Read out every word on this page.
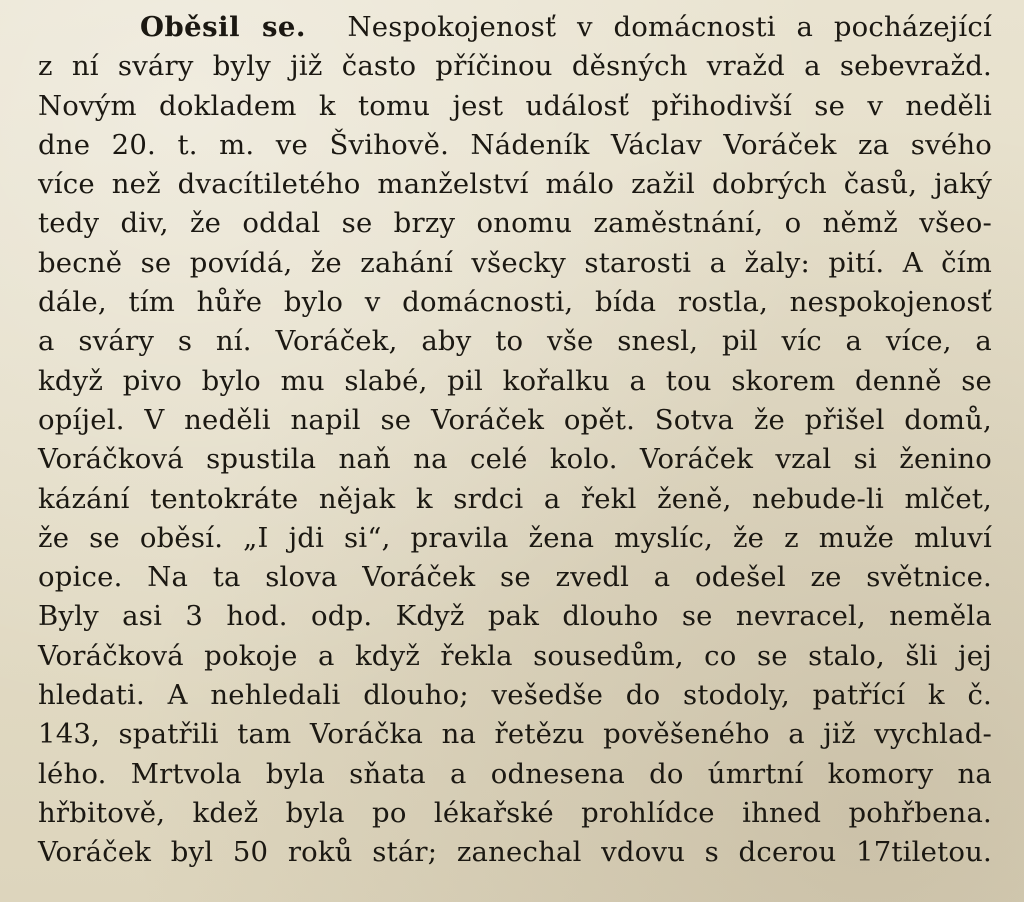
Oběsil se. Nespokojenosť v domácnosti a pocházející
z ní sváry byly již často příčinou děsných vražd a sebevražd.
Novým dokladem k tomu jest událosť přihodivší se v neděli
dne 20. t. m. ve Švihově. Nádeník Václav Voráček za svého
více než dvacítiletého manželství málo zažil dobrých časů, jaký
tedy div, že oddal se brzy onomu zaměstnání, o němž všeo-
becně se povídá, že zahání všecky starosti a žaly: pití. A čím
dále, tím hůře bylo v domácnosti, bída rostla, nespokojenosť
a sváry s ní. Voráček, aby to vše snesl, pil víc a více, a
když pivo bylo mu slabé, pil kořalku a tou skorem denně se
opíjel. V neděli napil se Voráček opět. Sotva že přišel domů,
Voráčková spustila naň na celé kolo. Voráček vzal si ženino
kázání tentokráte nějak k srdci a řekl ženě, nebude-li mlčet,
že se oběsí. „I jdi si“, pravila žena myslíc, že z muže mluví
opice. Na ta slova Voráček se zvedl a odešel ze světnice.
Byly asi 3 hod. odp. Když pak dlouho se nevracel, neměla
Voráčková pokoje a když řekla sousedům, co se stalo, šli jej
hledati. A nehledali dlouho; vešedše do stodoly, patřící k č.
143, spatřili tam Voráčka na řetězu pověšeného a již vychlad-
lého. Mrtvola byla sňata a odnesena do úmrtní komory na
hřbitově, kdež byla po lékařské prohlídce ihned pohřbena.
Voráček byl 50 roků stár; zanechal vdovu s dcerou 17tiletou.
